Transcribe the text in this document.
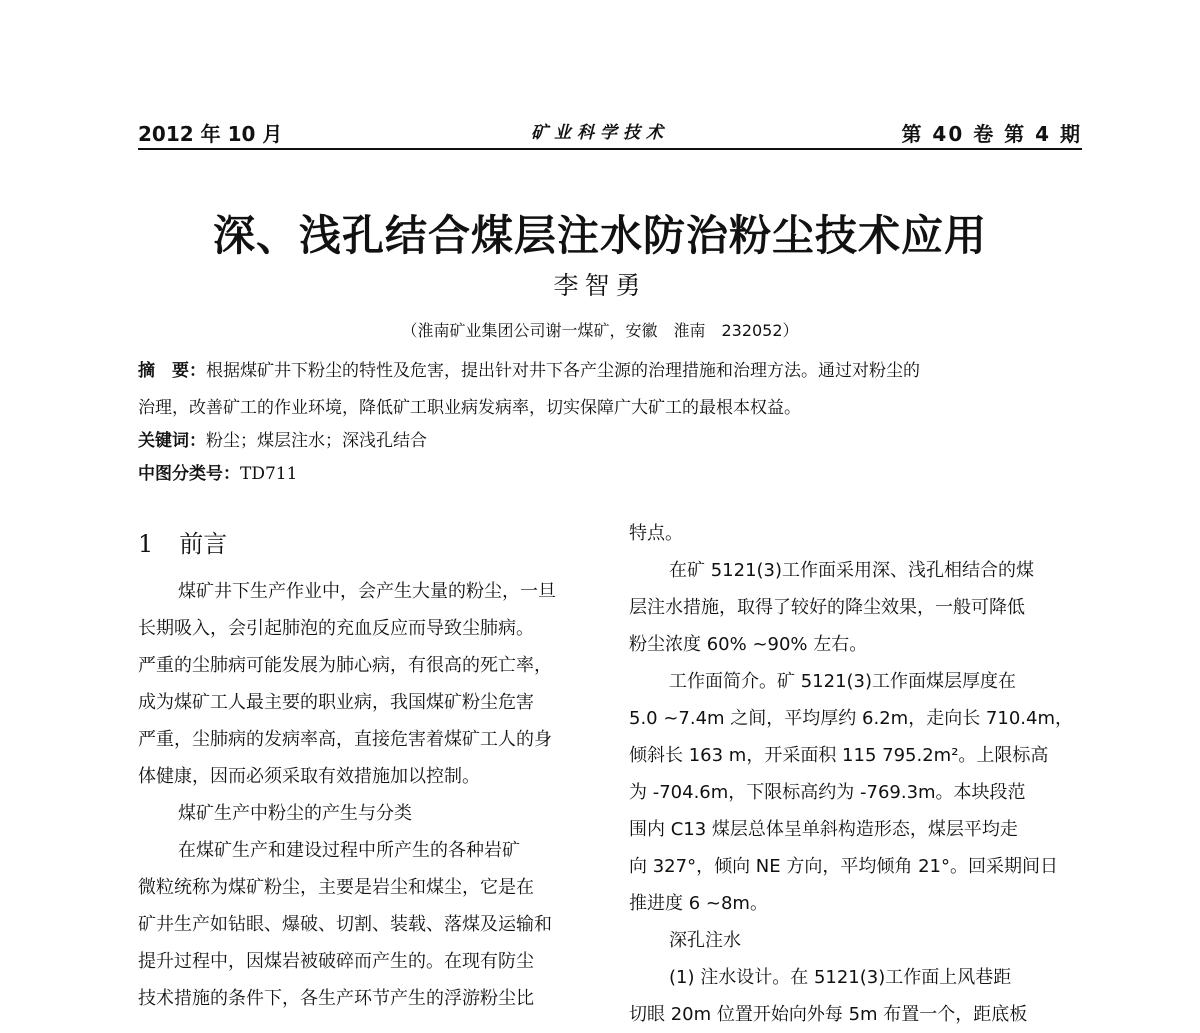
2012 年 10 月	矿业科学技术	第 40 卷 第 4 期
深、浅孔结合煤层注水防治粉尘技术应用
李智勇
（淮南矿业集团公司谢一煤矿，安徽　淮南　232052）
摘　要：根据煤矿井下粉尘的特性及危害，提出针对井下各产尘源的治理措施和治理方法。通过对粉尘的
治理，改善矿工的作业环境，降低矿工职业病发病率，切实保障广大矿工的最根本权益。
关键词：粉尘；煤层注水；深浅孔结合
中图分类号：TD711
1 前言
煤矿井下生产作业中，会产生大量的粉尘，一旦
长期吸入，会引起肺泡的充血反应而导致尘肺病。
严重的尘肺病可能发展为肺心病，有很高的死亡率，
成为煤矿工人最主要的职业病，我国煤矿粉尘危害
严重，尘肺病的发病率高，直接危害着煤矿工人的身
体健康，因而必须采取有效措施加以控制。
煤矿生产中粉尘的产生与分类
在煤矿生产和建设过程中所产生的各种岩矿
微粒统称为煤矿粉尘，主要是岩尘和煤尘，它是在
矿井生产如钻眼、爆破、切割、装载、落煤及运输和
提升过程中，因煤岩被破碎而产生的。在现有防尘
技术措施的条件下，各生产环节产生的浮游粉尘比
特点。
在矿 5121(3)工作面采用深、浅孔相结合的煤
层注水措施，取得了较好的降尘效果，一般可降低
粉尘浓度 60% ~90% 左右。
工作面简介。矿 5121(3)工作面煤层厚度在
5.0 ~7.4m 之间，平均厚约 6.2m，走向长 710.4m，
倾斜长 163 m，开采面积 115 795.2m²。上限标高
为 -704.6m，下限标高约为 -769.3m。本块段范
围内 C13 煤层总体呈单斜构造形态，煤层平均走
向 327°，倾向 NE 方向，平均倾角 21°。回采期间日
推进度 6 ~8m。
深孔注水
(1) 注水设计。在 5121(3)工作面上风巷距
切眼 20m 位置开始向外每 5m 布置一个，距底板
